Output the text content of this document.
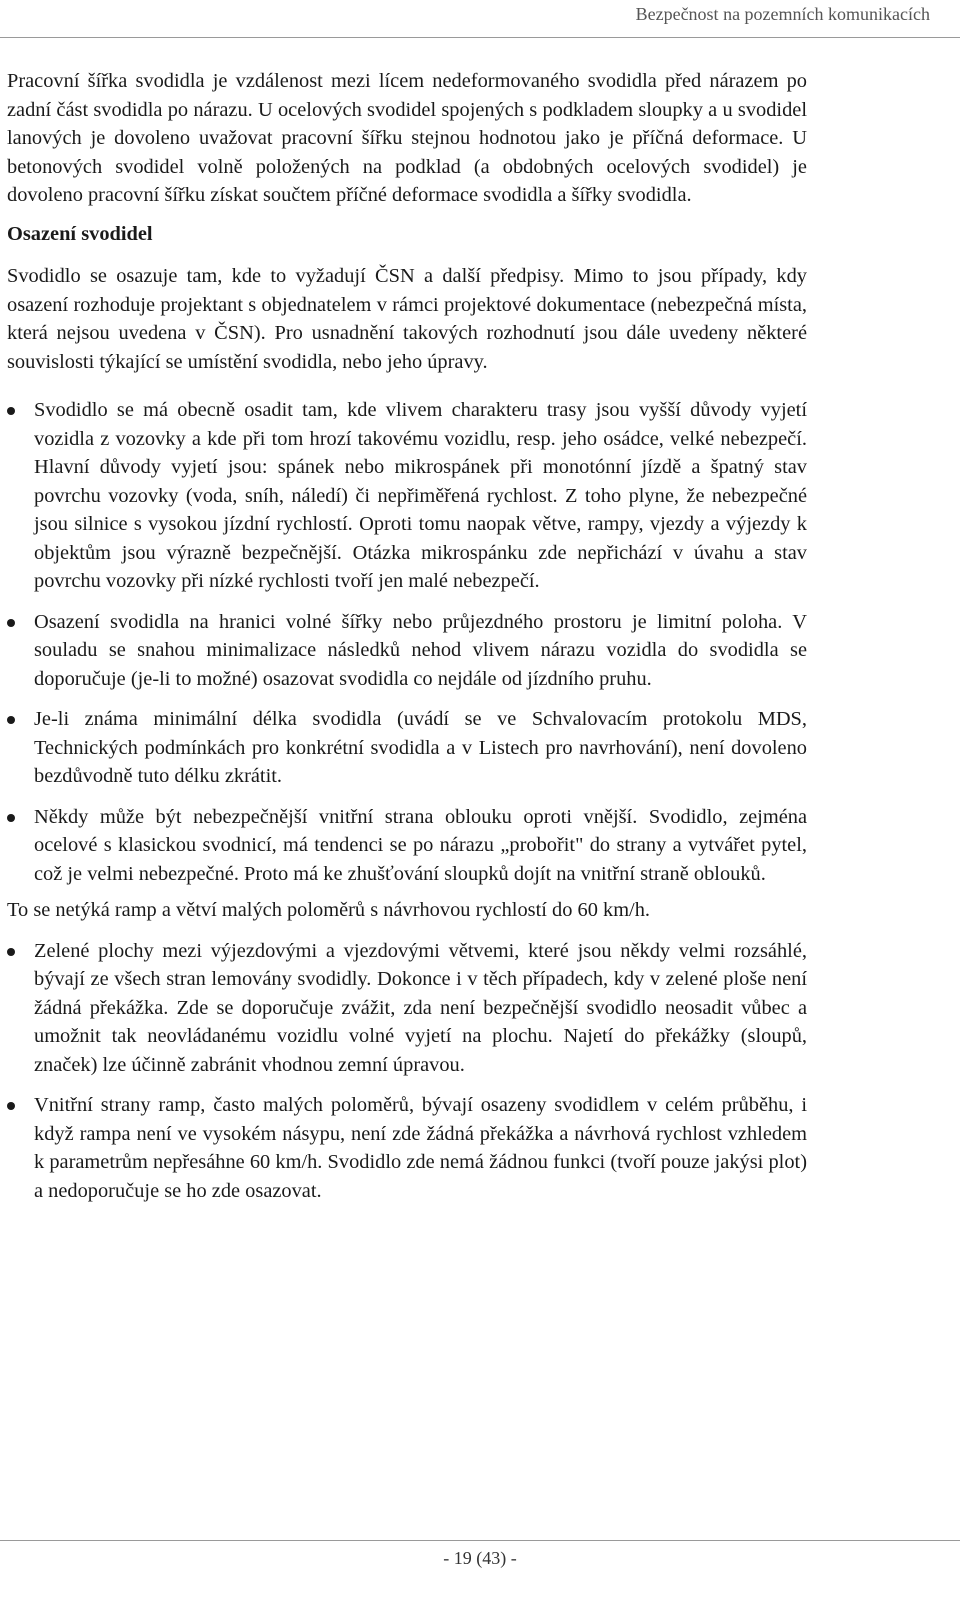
Bezpečnost na pozemních komunikacích

Pracovní šířka svodidla je vzdálenost mezi lícem nedeformovaného svodidla před nárazem po zadní část svodidla po nárazu. U ocelových svodidel spojených s podkladem sloupky a u svodidel lanových je dovoleno uvažovat pracovní šířku stejnou hodnotou jako je příčná deformace. U betonových svodidel volně položených na podklad (a obdobných ocelových svodidel) je dovoleno pracovní šířku získat součtem příčné deformace svodidla a šířky svodidla.

Osazení svodidel

Svodidlo se osazuje tam, kde to vyžadují ČSN a další předpisy. Mimo to jsou případy, kdy osazení rozhoduje projektant s objednatelem v rámci projektové dokumentace (nebezpečná místa, která nejsou uvedena v ČSN). Pro usnadnění takových rozhodnutí jsou dále uvedeny některé souvislosti týkající se umístění svodidla, nebo jeho úpravy.

Svodidlo se má obecně osadit tam, kde vlivem charakteru trasy jsou vyšší důvody vyjetí vozidla z vozovky a kde při tom hrozí takovému vozidlu, resp. jeho osádce, velké nebezpečí. Hlavní důvody vyjetí jsou: spánek nebo mikrospánek při monotónní jízdě a špatný stav povrchu vozovky (voda, sníh, náledí) či nepřiměřená rychlost. Z toho plyne, že nebezpečné jsou silnice s vysokou jízdní rychlostí. Oproti tomu naopak větve, rampy, vjezdy a výjezdy k objektům jsou výrazně bezpečnější. Otázka mikrospánku zde nepřichází v úvahu a stav povrchu vozovky při nízké rychlosti tvoří jen malé nebezpečí.
Osazení svodidla na hranici volné šířky nebo průjezdného prostoru je limitní poloha. V souladu se snahou minimalizace následků nehod vlivem nárazu vozidla do svodidla se doporučuje (je-li to možné) osazovat svodidla co nejdále od jízdního pruhu.
Je-li známa minimální délka svodidla (uvádí se ve Schvalovacím protokolu MDS, Technických podmínkách pro konkrétní svodidla a v Listech pro navrhování), není dovoleno bezdůvodně tuto délku zkrátit.
Někdy může být nebezpečnější vnitřní strana oblouku oproti vnější. Svodidlo, zejména ocelové s klasickou svodnicí, má tendenci se po nárazu „probořit" do strany a vytvářet pytel, což je velmi nebezpečné. Proto má ke zhušťování sloupků dojít na vnitřní straně oblouků.

To se netýká ramp a větví malých poloměrů s návrhovou rychlostí do 60 km/h.

Zelené plochy mezi výjezdovými a vjezdovými větvemi, které jsou někdy velmi rozsáhlé, bývají ze všech stran lemovány svodidly. Dokonce i v těch případech, kdy v zelené ploše není žádná překážka. Zde se doporučuje zvážit, zda není bezpečnější svodidlo neosadit vůbec a umožnit tak neovládanému vozidlu volné vyjetí na plochu. Najetí do překážky (sloupů, značek) lze účinně zabránit vhodnou zemní úpravou.
Vnitřní strany ramp, často malých poloměrů, bývají osazeny svodidlem v celém průběhu, i když rampa není ve vysokém násypu, není zde žádná překážka a návrhová rychlost vzhledem k parametrům nepřesáhne 60 km/h. Svodidlo zde nemá žádnou funkci (tvoří pouze jakýsi plot) a nedoporučuje se ho zde osazovat.
- 19 (43) -
